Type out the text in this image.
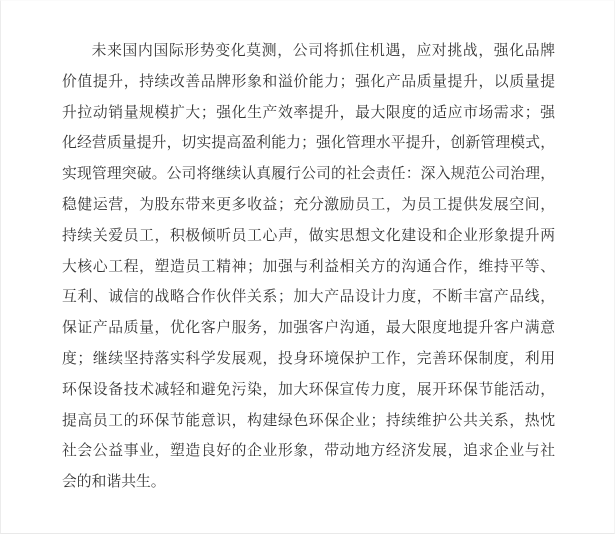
未来国内国际形势变化莫测，公司将抓住机遇，应对挑战，强化品牌
价值提升，持续改善品牌形象和溢价能力；强化产品质量提升，以质量提
升拉动销量规模扩大；强化生产效率提升，最大限度的适应市场需求；强
化经营质量提升，切实提高盈利能力；强化管理水平提升，创新管理模式，
实现管理突破。公司将继续认真履行公司的社会责任：深入规范公司治理，
稳健运营，为股东带来更多收益；充分激励员工，为员工提供发展空间，
持续关爱员工，积极倾听员工心声，做实思想文化建设和企业形象提升两
大核心工程，塑造员工精神；加强与利益相关方的沟通合作，维持平等、
互利、诚信的战略合作伙伴关系；加大产品设计力度，不断丰富产品线，
保证产品质量，优化客户服务，加强客户沟通，最大限度地提升客户满意
度；继续坚持落实科学发展观，投身环境保护工作，完善环保制度，利用
环保设备技术减轻和避免污染，加大环保宣传力度，展开环保节能活动，
提高员工的环保节能意识，构建绿色环保企业；持续维护公共关系，热忱
社会公益事业，塑造良好的企业形象，带动地方经济发展，追求企业与社
会的和谐共生。
